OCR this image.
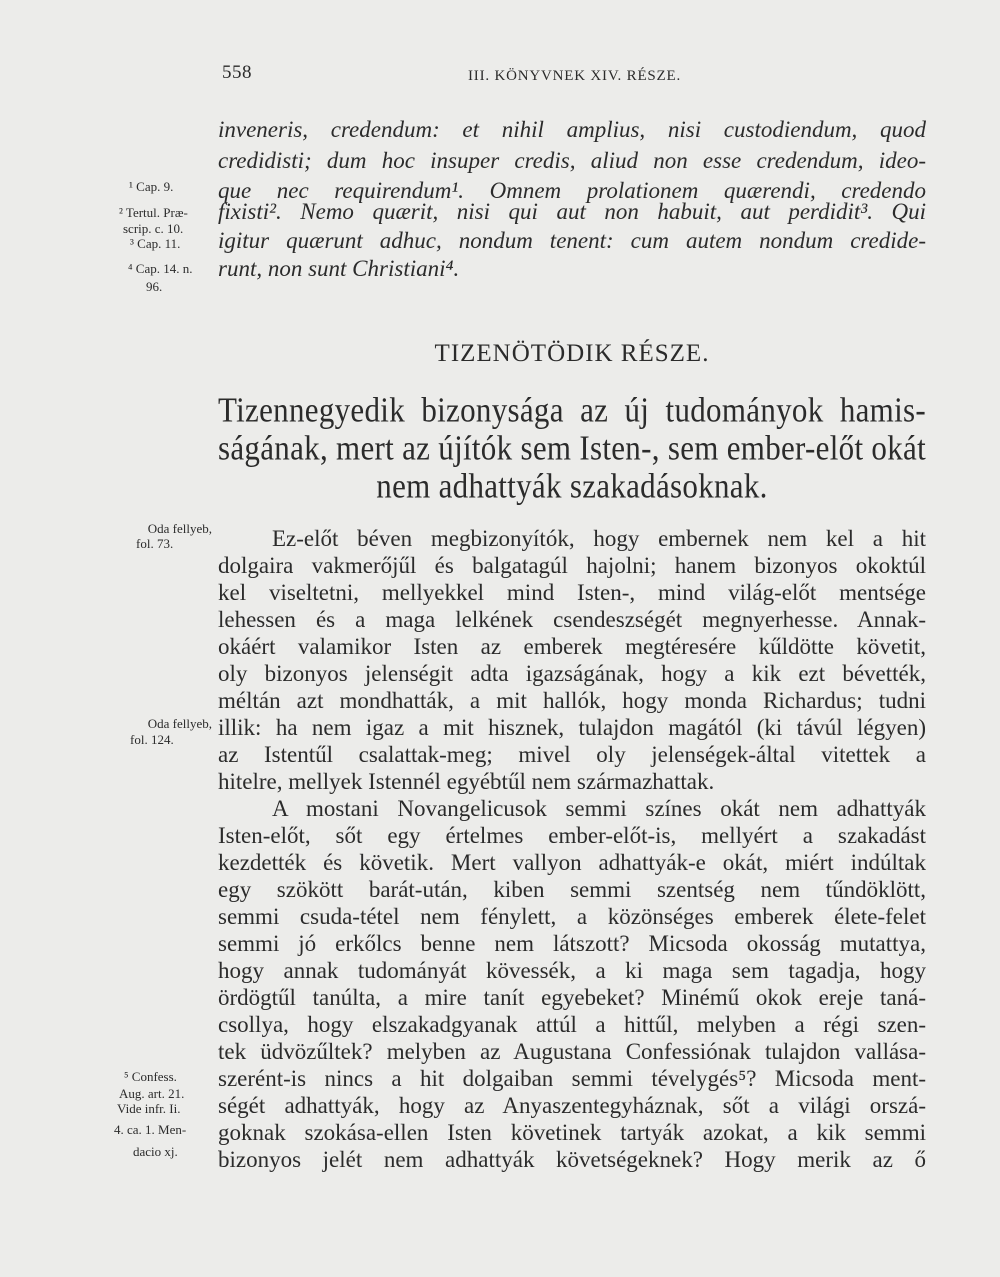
558	III. KÖNYVNEK XIV. RÉSZE.
inveneris, credendum: et nihil amplius, nisi custodiendum, quod
credidisti; dum hoc insuper credis, aliud non esse credendum, ideo-
que nec requirendum¹. Omnem prolationem quærendi, credendo
fixisti². Nemo quærit, nisi qui aut non habuit, aut perdidit³. Qui
igitur quærunt adhuc, nondum tenent: cum autem nondum credide-
runt, non sunt Christiani⁴.
¹ Cap. 9.
² Tertul. Præ-
scrip. c. 10.
³ Cap. 11.
⁴ Cap. 14. n.
96.
TIZENÖTÖDIK RÉSZE.
Tizennegyedik bizonysága az új tudományok hamis-
ságának, mert az újítók sem Isten-, sem ember-előt okát
nem adhattyák szakadásoknak.
Ez-előt béven megbizonyítók, hogy embernek nem kel a hit
dolgaira vakmerőjűl és balgatagúl hajolni; hanem bizonyos okoktúl
kel viseltetni, mellyekkel mind Isten-, mind világ-előt mentsége
lehessen és a maga lelkének csendeszségét megnyerhesse. Annak-
okáért valamikor Isten az emberek megtéresére kűldötte követit,
oly bizonyos jelenségit adta igazságának, hogy a kik ezt bévették,
méltán azt mondhatták, a mit hallók, hogy monda Richardus; tudni
illik: ha nem igaz a mit hisznek, tulajdon magától (ki távúl légyen)
az Istentűl csalattak-meg; mivel oly jelenségek-által vitettek a
hitelre, mellyek Istennél egyébtűl nem származhattak.
A mostani Novangelicusok semmi színes okát nem adhattyák
Isten-előt, sőt egy értelmes ember-előt-is, mellyért a szakadást
kezdették és követik. Mert vallyon adhattyák-e okát, miért indúltak
egy szökött barát-után, kiben semmi szentség nem tűndöklött,
semmi csuda-tétel nem fénylett, a közönséges emberek élete-felet
semmi jó erkőlcs benne nem látszott? Micsoda okosság mutattya,
hogy annak tudományát kövessék, a ki maga sem tagadja, hogy
ördögtűl tanúlta, a mire tanít egyebeket? Minémű okok ereje taná-
csollya, hogy elszakadgyanak attúl a hittűl, melyben a régi szen-
tek üdvözűltek? melyben az Augustana Confessiónak tulajdon vallása-
szerént-is nincs a hit dolgaiban semmi tévelygés⁵? Micsoda ment-
ségét adhattyák, hogy az Anyaszentegyháznak, sőt a világi orszá-
goknak szokása-ellen Isten követinek tartyák azokat, a kik semmi
bizonyos jelét nem adhattyák követségeknek? Hogy merik az ő
Oda fellyeb,
fol. 73.
Oda fellyeb,
fol. 124.
⁵ Confess.
Aug. art. 21.
Vide infr. Ii.
4. ca. 1. Men-
dacio xj.
